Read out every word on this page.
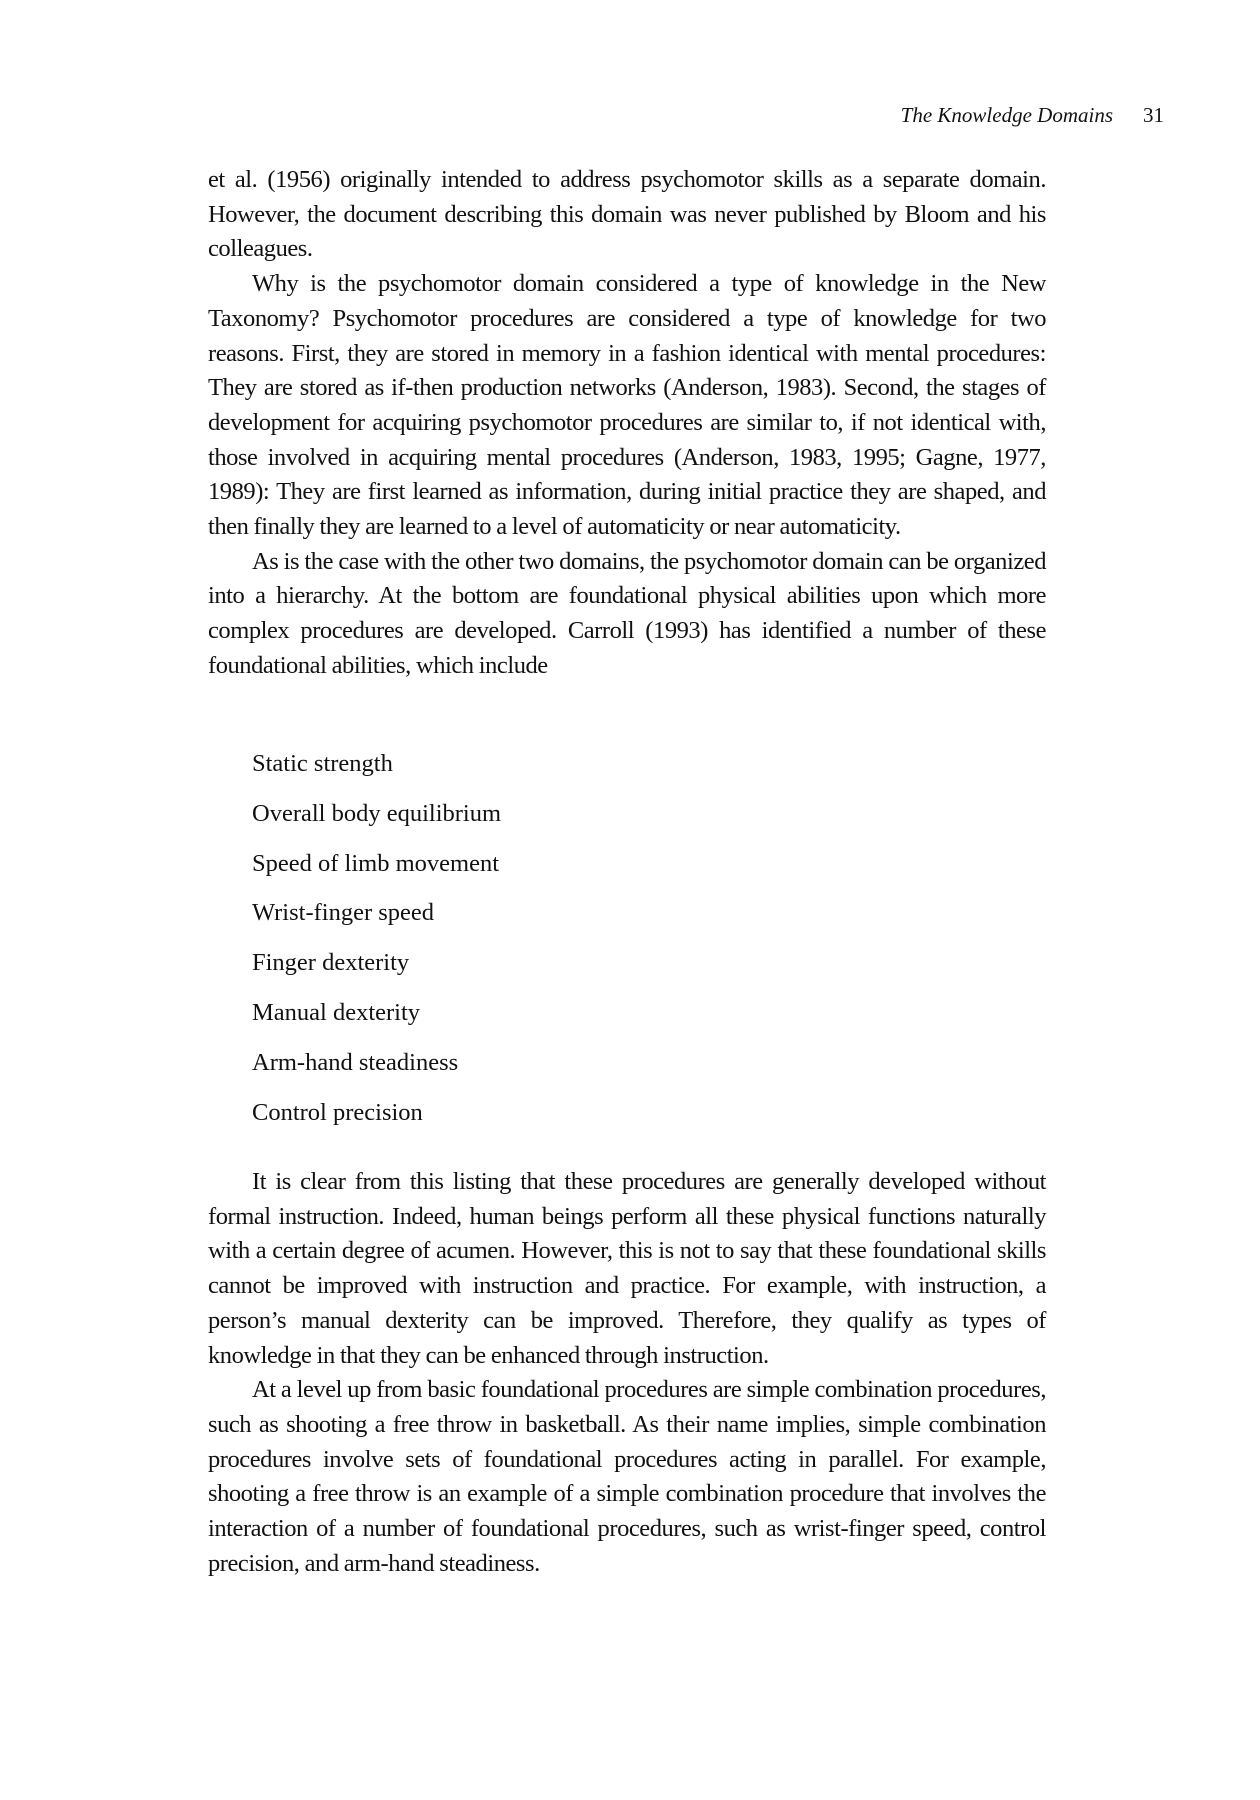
The Knowledge Domains 31

et al. (1956) originally intended to address psychomotor skills as a separate domain. However, the document describing this domain was never published by Bloom and his colleagues.

Why is the psychomotor domain considered a type of knowledge in the New Taxonomy? Psychomotor procedures are considered a type of knowledge for two reasons. First, they are stored in memory in a fashion identical with mental procedures: They are stored as if-then production networks (Anderson, 1983). Second, the stages of development for acquiring psychomotor procedures are similar to, if not identical with, those involved in acquiring mental procedures (Anderson, 1983, 1995; Gagne, 1977, 1989): They are first learned as information, during initial practice they are shaped, and then finally they are learned to a level of automaticity or near automaticity.

As is the case with the other two domains, the psychomotor domain can be organized into a hierarchy. At the bottom are foundational physical abilities upon which more complex procedures are developed. Carroll (1993) has identified a number of these foundational abilities, which include

Static strength
Overall body equilibrium
Speed of limb movement
Wrist-finger speed
Finger dexterity
Manual dexterity
Arm-hand steadiness
Control precision

It is clear from this listing that these procedures are generally developed without formal instruction. Indeed, human beings perform all these physical functions naturally with a certain degree of acumen. However, this is not to say that these foundational skills cannot be improved with instruction and practice. For example, with instruction, a person’s manual dexterity can be improved. Therefore, they qualify as types of knowledge in that they can be enhanced through instruction.

At a level up from basic foundational procedures are simple combination procedures, such as shooting a free throw in basketball. As their name implies, simple combination procedures involve sets of foundational procedures acting in parallel. For example, shooting a free throw is an example of a simple combination procedure that involves the interaction of a number of foundational procedures, such as wrist-finger speed, control precision, and arm-hand steadiness.
